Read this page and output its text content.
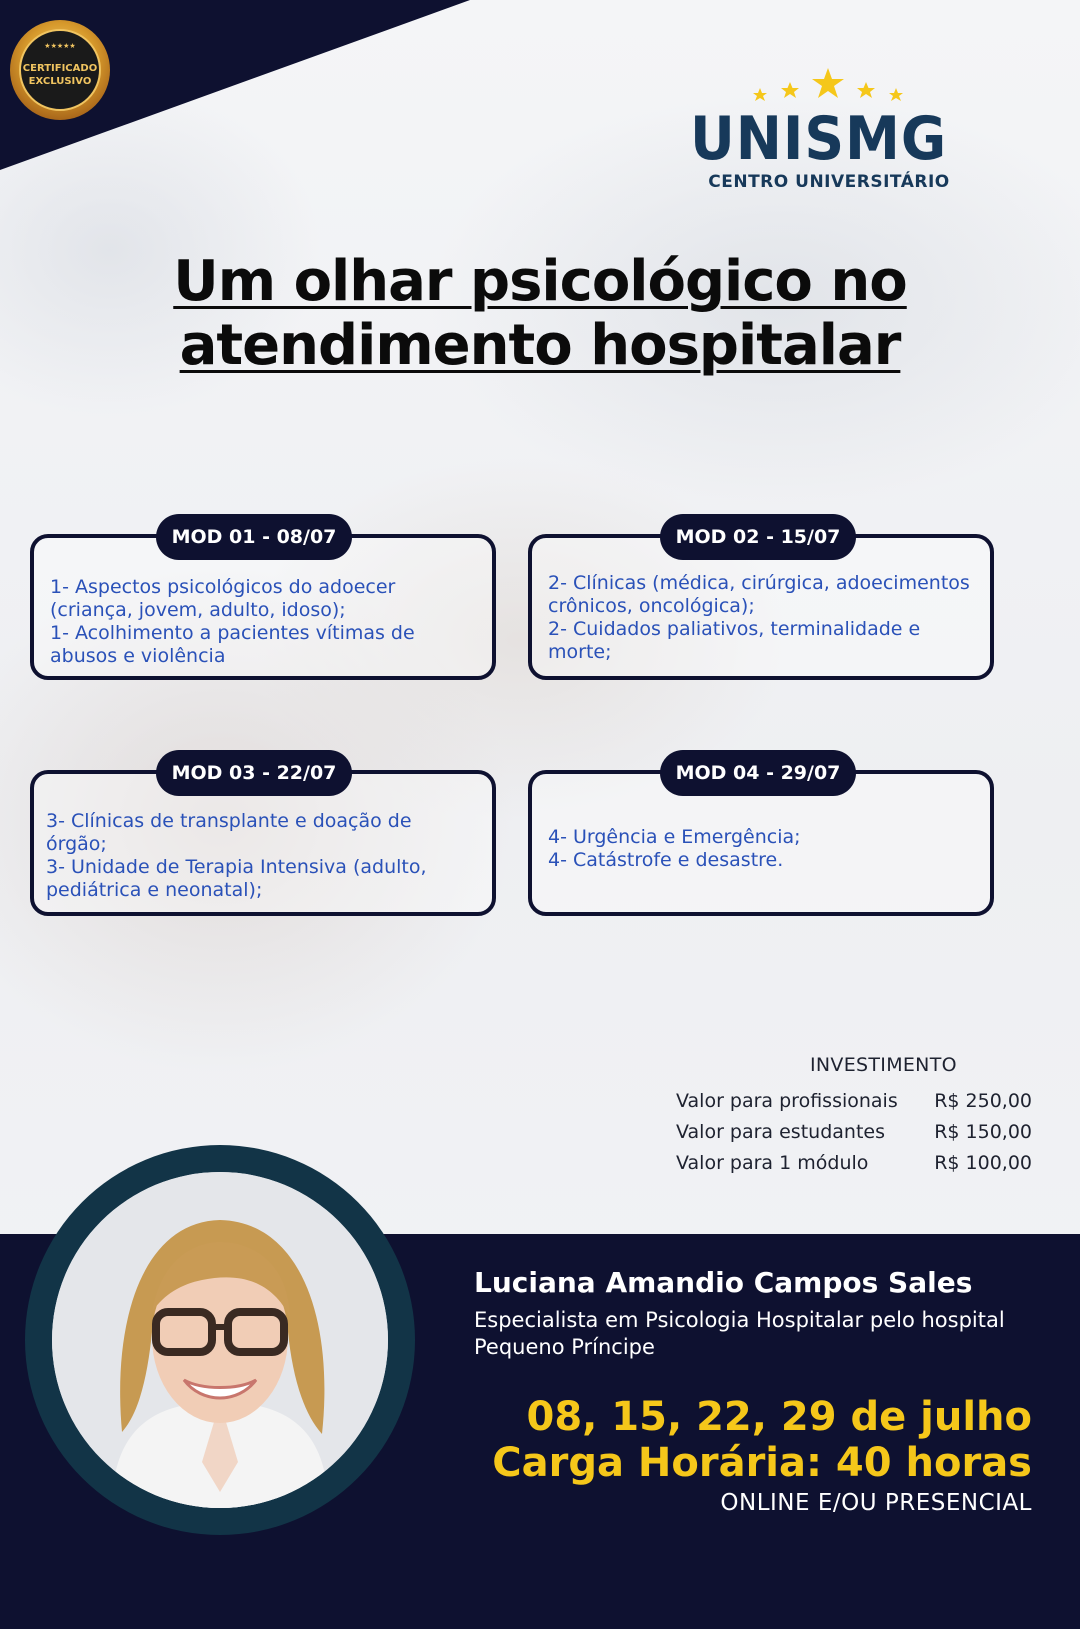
★★★★★
CERTIFICADO
EXCLUSIVO
UNISMG
CENTRO UNIVERSITÁRIO
Um olhar psicológico no
atendimento hospitalar
MOD 01 - 08/07
1- Aspectos psicológicos do adoecer (criança, jovem, adulto, idoso);
1- Acolhimento a pacientes vítimas de abusos e violência
MOD 02 - 15/07
2- Clínicas (médica, cirúrgica, adoecimentos crônicos, oncológica);
2- Cuidados paliativos, terminalidade e morte;
MOD 03 - 22/07
3- Clínicas de transplante e doação de órgão;
3- Unidade de Terapia Intensiva (adulto, pediátrica e neonatal);
MOD 04 - 29/07
4- Urgência e Emergência;
4- Catástrofe e desastre.
INVESTIMENTO
Valor para profissionais R$ 250,00
Valor para estudantes	R$ 150,00
Valor para 1 módulo	R$ 100,00
Luciana Amandio Campos Sales
Especialista em Psicologia Hospitalar pelo hospital Pequeno Príncipe
08, 15, 22, 29 de julho
Carga Horária: 40 horas
ONLINE E/OU PRESENCIAL
